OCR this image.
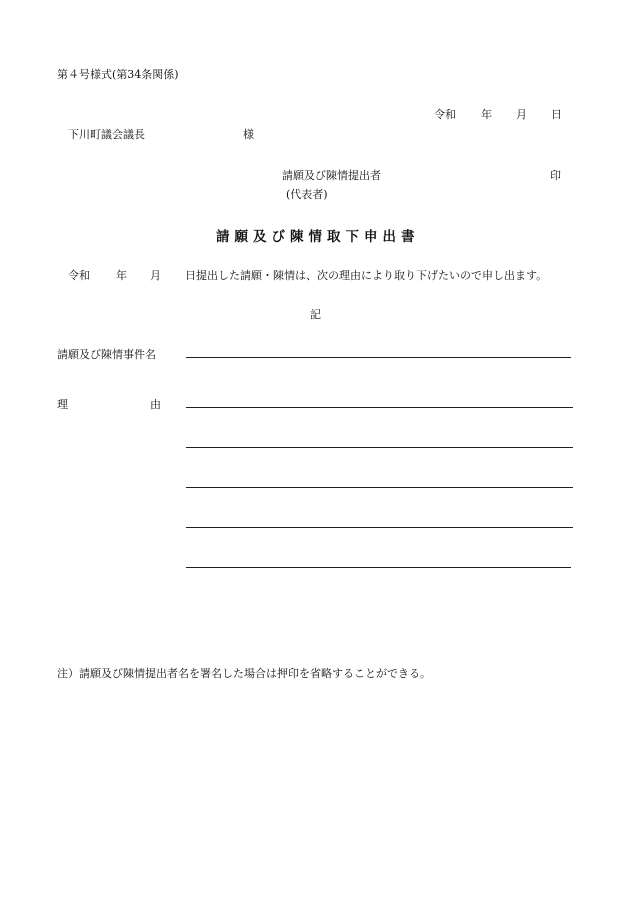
第４号様式(第34条関係)
令和 年 月 日
下川町議会議長	様
請願及び陳情提出者	印
(代表者)
請願及び陳情取下申出書
令和 年 月 日提出した請願・陳情は、次の理由により取り下げたいので申し出ます。
記
請願及び陳情事件名
理	由
注）請願及び陳情提出者名を署名した場合は押印を省略することができる。
